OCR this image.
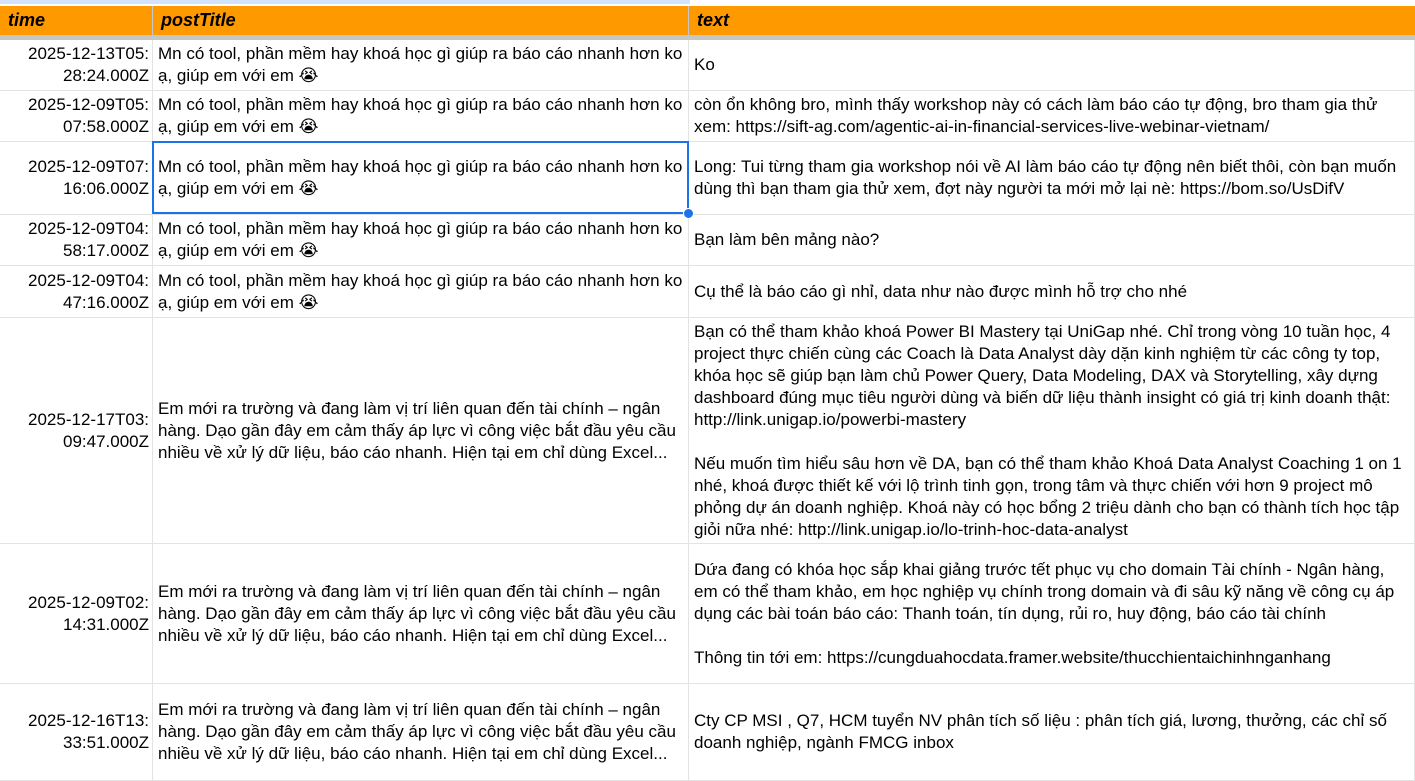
time	postTitle	text
2025-12-13T05:
28:24.000Z
Mn có tool, phần mềm hay khoá học gì giúp ra báo cáo nhanh hơn ko ạ, giúp em với em 😭
Ko
2025-12-09T05:
07:58.000Z
Mn có tool, phần mềm hay khoá học gì giúp ra báo cáo nhanh hơn ko ạ, giúp em với em 😭
còn ổn không bro, mình thấy workshop này có cách làm báo cáo tự động, bro tham gia thử xem: https://sift-ag.com/agentic-ai-in-financial-services-live-webinar-vietnam/
2025-12-09T07:
16:06.000Z
Mn có tool, phần mềm hay khoá học gì giúp ra báo cáo nhanh hơn ko ạ, giúp em với em 😭
Long: Tui từng tham gia workshop nói về AI làm báo cáo tự động nên biết thôi, còn bạn muốn dùng thì bạn tham gia thử xem, đợt này người ta mới mở lại nè: https://bom.so/UsDifV
2025-12-09T04:
58:17.000Z
Mn có tool, phần mềm hay khoá học gì giúp ra báo cáo nhanh hơn ko ạ, giúp em với em 😭
Bạn làm bên mảng nào?
2025-12-09T04:
47:16.000Z
Mn có tool, phần mềm hay khoá học gì giúp ra báo cáo nhanh hơn ko ạ, giúp em với em 😭
Cụ thể là báo cáo gì nhỉ, data như nào được mình hỗ trợ cho nhé
2025-12-17T03:
09:47.000Z
Em mới ra trường và đang làm vị trí liên quan đến tài chính – ngân hàng. Dạo gần đây em cảm thấy áp lực vì công việc bắt đầu yêu cầu nhiều về xử lý dữ liệu, báo cáo nhanh. Hiện tại em chỉ dùng Excel...
Bạn có thể tham khảo khoá Power BI Mastery tại UniGap nhé. Chỉ trong vòng 10 tuần học, 4 project thực chiến cùng các Coach là Data Analyst dày dặn kinh nghiệm từ các công ty top, khóa học sẽ giúp bạn làm chủ Power Query, Data Modeling, DAX và Storytelling, xây dựng dashboard đúng mục tiêu người dùng và biến dữ liệu thành insight có giá trị kinh doanh thật: http://link.unigap.io/powerbi-mastery

Nếu muốn tìm hiểu sâu hơn về DA, bạn có thể tham khảo Khoá Data Analyst Coaching 1 on 1 nhé, khoá được thiết kế với lộ trình tinh gọn, trong tâm và thực chiến với hơn 9 project mô phỏng dự án doanh nghiệp. Khoá này có học bổng 2 triệu dành cho bạn có thành tích học tập giỏi nữa nhé: http://link.unigap.io/lo-trinh-hoc-data-analyst
2025-12-09T02:
14:31.000Z
Em mới ra trường và đang làm vị trí liên quan đến tài chính – ngân hàng. Dạo gần đây em cảm thấy áp lực vì công việc bắt đầu yêu cầu nhiều về xử lý dữ liệu, báo cáo nhanh. Hiện tại em chỉ dùng Excel...
Dứa đang có khóa học sắp khai giảng trước tết phục vụ cho domain Tài chính - Ngân hàng, em có thể tham khảo, em học nghiệp vụ chính trong domain và đi sâu kỹ năng về công cụ áp dụng các bài toán báo cáo: Thanh toán, tín dụng, rủi ro, huy động, báo cáo tài chính

Thông tin tới em: https://cungduahocdata.framer.website/thucchientaichinhnganhang
2025-12-16T13:
33:51.000Z
Em mới ra trường và đang làm vị trí liên quan đến tài chính – ngân hàng. Dạo gần đây em cảm thấy áp lực vì công việc bắt đầu yêu cầu nhiều về xử lý dữ liệu, báo cáo nhanh. Hiện tại em chỉ dùng Excel...
Cty CP MSI , Q7, HCM tuyển NV phân tích số liệu : phân tích giá, lương, thưởng, các chỉ số doanh nghiệp, ngành FMCG inbox
